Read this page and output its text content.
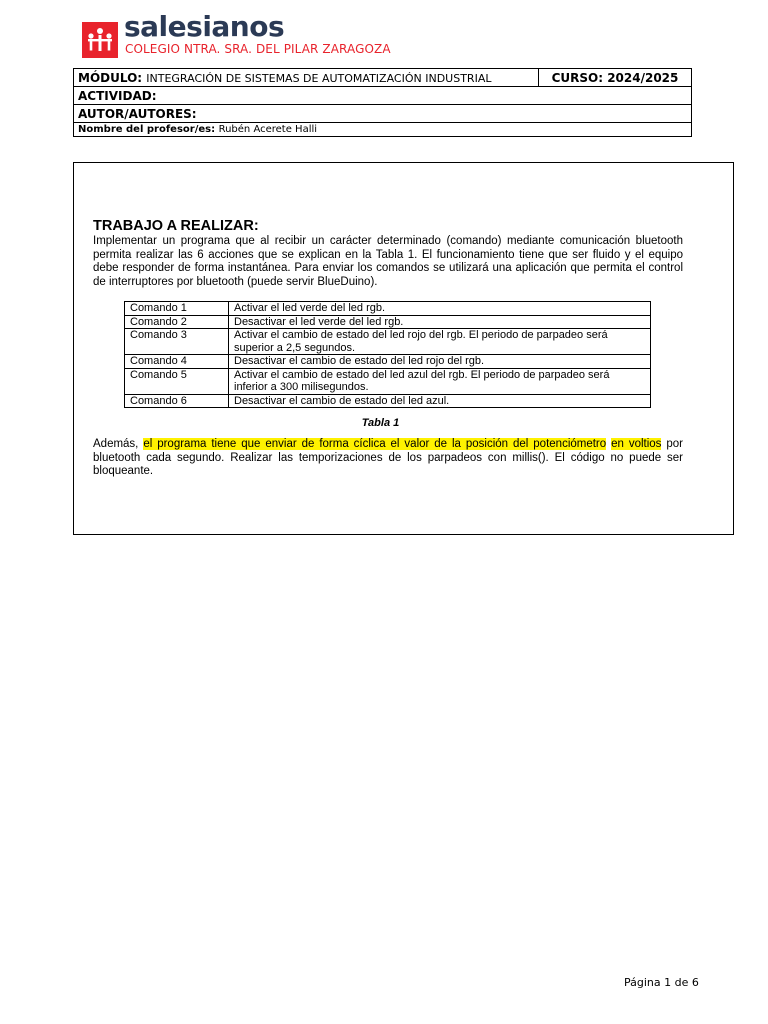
salesianos
COLEGIO NTRA. SRA. DEL PILAR ZARAGOZA
MÓDULO: INTEGRACIÓN DE SISTEMAS DE AUTOMATIZACIÓN INDUSTRIAL	CURSO: 2024/2025
ACTIVIDAD:
AUTOR/AUTORES:
Nombre del profesor/es: Rubén Acerete Halli
TRABAJO A REALIZAR:
Implementar un programa que al recibir un carácter determinado (comando) mediante comunicación bluetooth permita realizar las 6 acciones que se explican en la Tabla 1. El funcionamiento tiene que ser fluido y el equipo debe responder de forma instantánea. Para enviar los comandos se utilizará una aplicación que permita el control de interruptores por bluetooth (puede servir BlueDuino).
Comando 1	Activar el led verde del led rgb.
Comando 2	Desactivar el led verde del led rgb.
Comando 3	Activar el cambio de estado del led rojo del rgb. El periodo de parpadeo será superior a 2,5 segundos.
Comando 4	Desactivar el cambio de estado del led rojo del rgb.
Comando 5	Activar el cambio de estado del led azul del rgb. El periodo de parpadeo será inferior a 300 milisegundos.
Comando 6	Desactivar el cambio de estado del led azul.
Tabla 1
Además, el programa tiene que enviar de forma cíclica el valor de la posición del potenciómetro en voltios por bluetooth cada segundo. Realizar las temporizaciones de los parpadeos con millis(). El código no puede ser bloqueante.
Página 1 de 6
